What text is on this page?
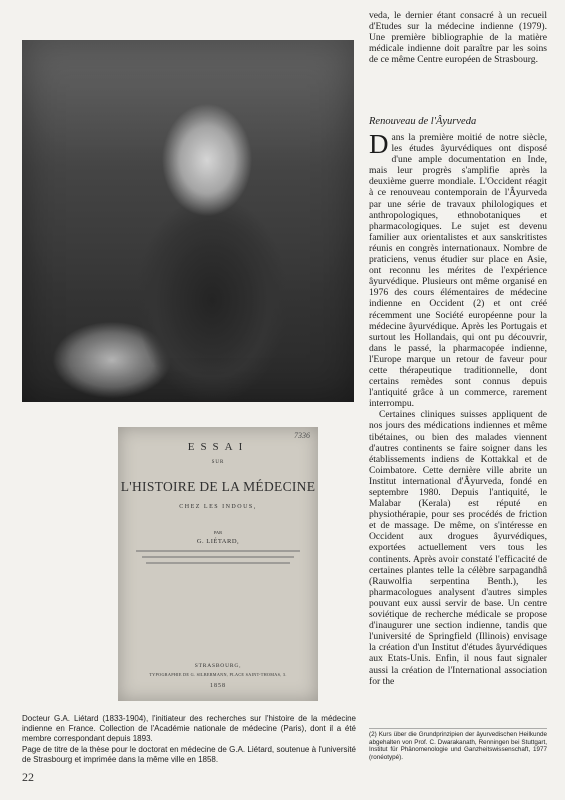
7336
ESSAI
SUR
L'HISTOIRE DE LA MÉDECINE
CHEZ LES INDOUS,
PAR
G. LIÉTARD,
STRASBOURG,
TYPOGRAPHIE DE G. SILBERMANN, PLACE SAINT-THOMAS, 3.
1858
Docteur G.A. Liétard (1833-1904), l'initiateur des recherches sur l'histoire de la médecine indienne en France. Collection de l'Académie nationale de médecine (Paris), dont il a été membre correspondant depuis 1893.
Page de titre de la thèse pour le doctorat en médecine de G.A. Liétard, soutenue à l'université de Strasbourg et imprimée dans la même ville en 1858.
22
veda, le dernier étant consacré à un recueil d'Etudes sur la médecine indienne (1979). Une première bibliographie de la matière médicale indienne doit paraître par les soins de ce même Centre européen de Strasbourg.
Renouveau de l'Âyurveda

Dans la première moitié de notre siècle, les études âyurvédiques ont disposé d'une ample documentation en Inde, mais leur progrès s'amplifie après la deuxième guerre mondiale. L'Occident réagit à ce renouveau contemporain de l'Âyurveda par une série de travaux philologiques et anthropologiques, ethnobotaniques et pharmacologiques. Le sujet est devenu familier aux orientalistes et aux sanskritistes réunis en congrès internationaux. Nombre de praticiens, venus étudier sur place en Asie, ont reconnu les mérites de l'expérience âyurvédique. Plusieurs ont même organisé en 1976 des cours élémentaires de médecine indienne en Occident (2) et ont créé récemment une Société européenne pour la médecine âyurvédique. Après les Portugais et surtout les Hollandais, qui ont pu découvrir, dans le passé, la pharmacopée indienne, l'Europe marque un retour de faveur pour cette thérapeutique traditionnelle, dont certains remèdes sont connus depuis l'antiquité grâce à un commerce, rarement interrompu.

Certaines cliniques suisses appliquent de nos jours des médications indiennes et même tibétaines, ou bien des malades viennent d'autres continents se faire soigner dans les établissements indiens de Kottakkal et de Coimbatore. Cette dernière ville abrite un Institut international d'Âyurveda, fondé en septembre 1980. Depuis l'antiquité, le Malabar (Kerala) est réputé en physiothérapie, pour ses procédés de friction et de massage. De même, on s'intéresse en Occident aux drogues âyurvédiques, exportées actuellement vers tous les continents. Après avoir constaté l'efficacité de certaines plantes telle la célèbre sarpagandhâ (Rauwolfia serpentina Benth.), les pharmacologues analysent d'autres simples pouvant eux aussi servir de base. Un centre soviétique de recherche médicale se propose d'inaugurer une section indienne, tandis que l'université de Springfield (Illinois) envisage la création d'un Institut d'études âyurvédiques aux Etats-Unis. Enfin, il nous faut signaler aussi la création de l'International association for the

(2) Kurs über die Grundprinzipien der âyurvedischen Heilkunde abgehalten von Prof. C. Dwarakanath, Renningen bei Stuttgart, Institut für Phänomenologie und Ganzheitswissenschaft, 1977 (ronéotypé).
